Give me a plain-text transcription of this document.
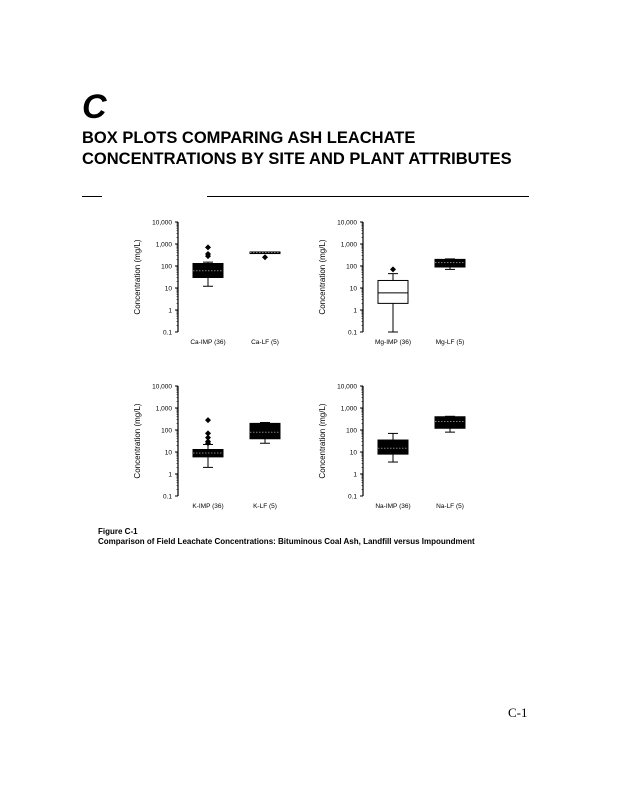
C
BOX PLOTS COMPARING ASH LEACHATE
CONCENTRATIONS BY SITE AND PLANT ATTRIBUTES
10,000
1,000
100
10
1
0.1
Concentration (mg/L)
Ca-IMP (36)	Ca-LF (5)
10,000
1,000
100
10
1
0.1
Concentration (mg/L)
Mg-IMP (36)	Mg-LF (5)
10,000
1,000
100
10
1
0.1
Concentration (mg/L)
K-IMP (36)	K-LF (5)
10,000
1,000
100
10
1
0.1
Concentration (mg/L)
Na-IMP (36)	Na-LF (5)
Figure C-1
Comparison of Field Leachate Concentrations: Bituminous Coal Ash, Landfill versus Impoundment
C-1
